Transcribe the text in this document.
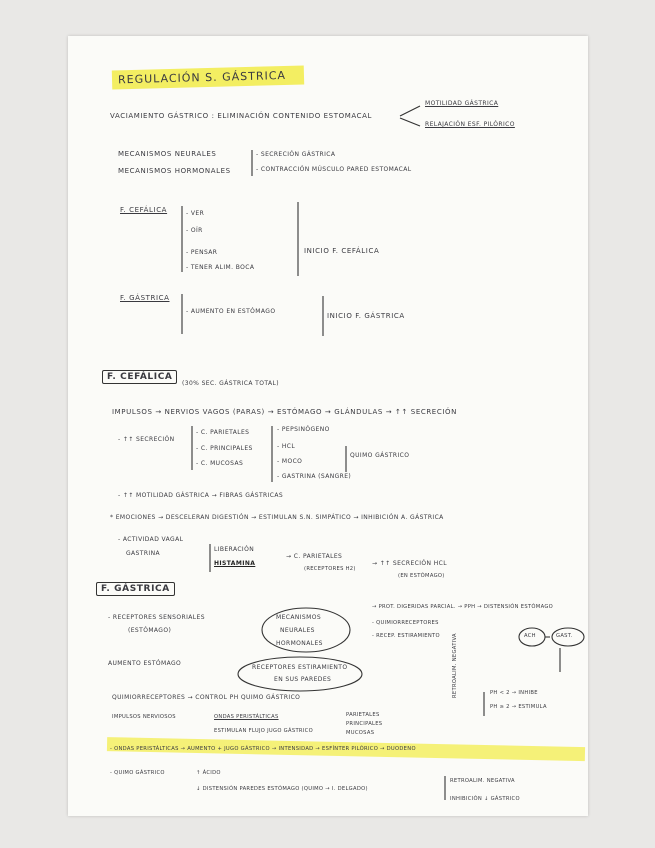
REGULACIÓN S. GÁSTRICA
VACIAMIENTO GÁSTRICO : ELIMINACIÓN CONTENIDO ESTOMACAL
MOTILIDAD GÁSTRICA
RELAJACIÓN ESF. PILÓRICO
MECANISMOS NEURALES
MECANISMOS HORMONALES
- SECRECIÓN GÁSTRICA
- CONTRACCIÓN MÚSCULO PARED ESTOMACAL
F. CEFÁLICA	- VER
- OÍR
- PENSAR
- TENER ALIM. BOCA
INICIO F. CEFÁLICA
F. GÁSTRICA
- AUMENTO EN ESTÓMAGO
INICIO F. GÁSTRICA
F. CEFÁLICA
(30% SEC. GÁSTRICA TOTAL)
IMPULSOS → NERVIOS VAGOS (PARAS) → ESTÓMAGO → GLÁNDULAS → ↑↑ SECRECIÓN
- ↑↑ SECRECIÓN
- C. PARIETALES
- C. PRINCIPALES
- C. MUCOSAS
- PEPSINÓGENO
- HCL
- MOCO
- GASTRINA (SANGRE)
QUIMO GÁSTRICO
- ↑↑ MOTILIDAD GÁSTRICA → FIBRAS GÁSTRICAS
* EMOCIONES → DESCELERAN DIGESTIÓN → ESTIMULAN S.N. SIMPÁTICO → INHIBICIÓN A. GÁSTRICA
- ACTIVIDAD VAGAL
GASTRINA
LIBERACIÓN
HISTAMINA
→ C. PARIETALES
(RECEPTORES H2)
→ ↑↑ SECRECIÓN HCL
(EN ESTÓMAGO)
F. GÁSTRICA
- RECEPTORES SENSORIALES
(ESTÓMAGO)
MECANISMOS
NEURALES
HORMONALES
→ PROT. DIGERIDAS PARCIAL. → PPH → DISTENSIÓN ESTÓMAGO
- QUIMIORRECEPTORES
- RECEP. ESTIRAMIENTO	ACH	GAST.
AUMENTO ESTÓMAGO
RECEPTORES ESTIRAMIENTO
EN SUS PAREDES	RETROALIM. NEGATIVA	PH < 2 → INHIBE
PH ≥ 2 → ESTIMULA
QUIMIORRECEPTORES → CONTROL PH QUIMO GÁSTRICO
IMPULSOS NERVIOSOS	ONDAS PERISTÁLTICAS
ESTIMULAN FLUJO JUGO GÁSTRICO
PARIETALES
PRINCIPALES
MUCOSAS
- ONDAS PERISTÁLTICAS → AUMENTO + JUGO GÁSTRICO → INTENSIDAD → ESFÍNTER PILÓRICO → DUODENO
- QUIMO GÁSTRICO	↑ ÁCIDO
↓ DISTENSIÓN PAREDES ESTÓMAGO (QUIMO → I. DELGADO)
RETROALIM. NEGATIVA
INHIBICIÓN ↓ GÁSTRICO
